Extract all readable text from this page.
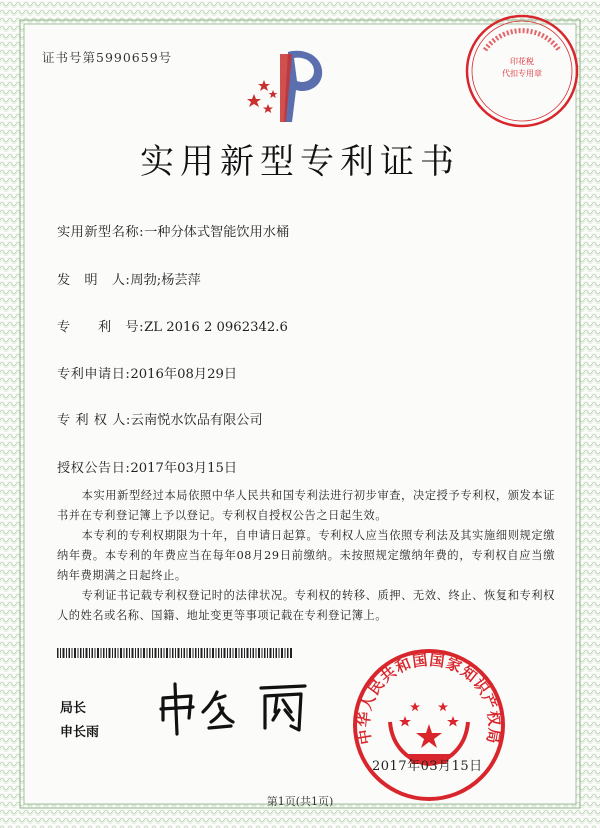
证书号第5990659号	印花税
代扣专用章
实用新型专利证书
实用新型名称:一种分体式智能饮用水桶
发　明　人:周勃;杨芸萍
专　　利　号:ZL 2016 2 0962342.6
专利申请日:2016年08月29日
专 利 权 人:云南悦水饮品有限公司
授权公告日:2017年03月15日

本实用新型经过本局依照中华人民共和国专利法进行初步审查，决定授予专利权，颁发本证书并在专利登记簿上予以登记。专利权自授权公告之日起生效。

本专利的专利权期限为十年，自申请日起算。专利权人应当依照专利法及其实施细则规定缴纳年费。本专利的年费应当在每年08月29日前缴纳。未按照规定缴纳年费的，专利权自应当缴纳年费期满之日起终止。

专利证书记载专利权登记时的法律状况。专利权的转移、质押、无效、终止、恢复和专利权人的姓名或名称、国籍、地址变更等事项记载在专利登记簿上。

局长
申长雨	中华人民共和国国家知识产权局
2017年03月15日
第1页(共1页)
